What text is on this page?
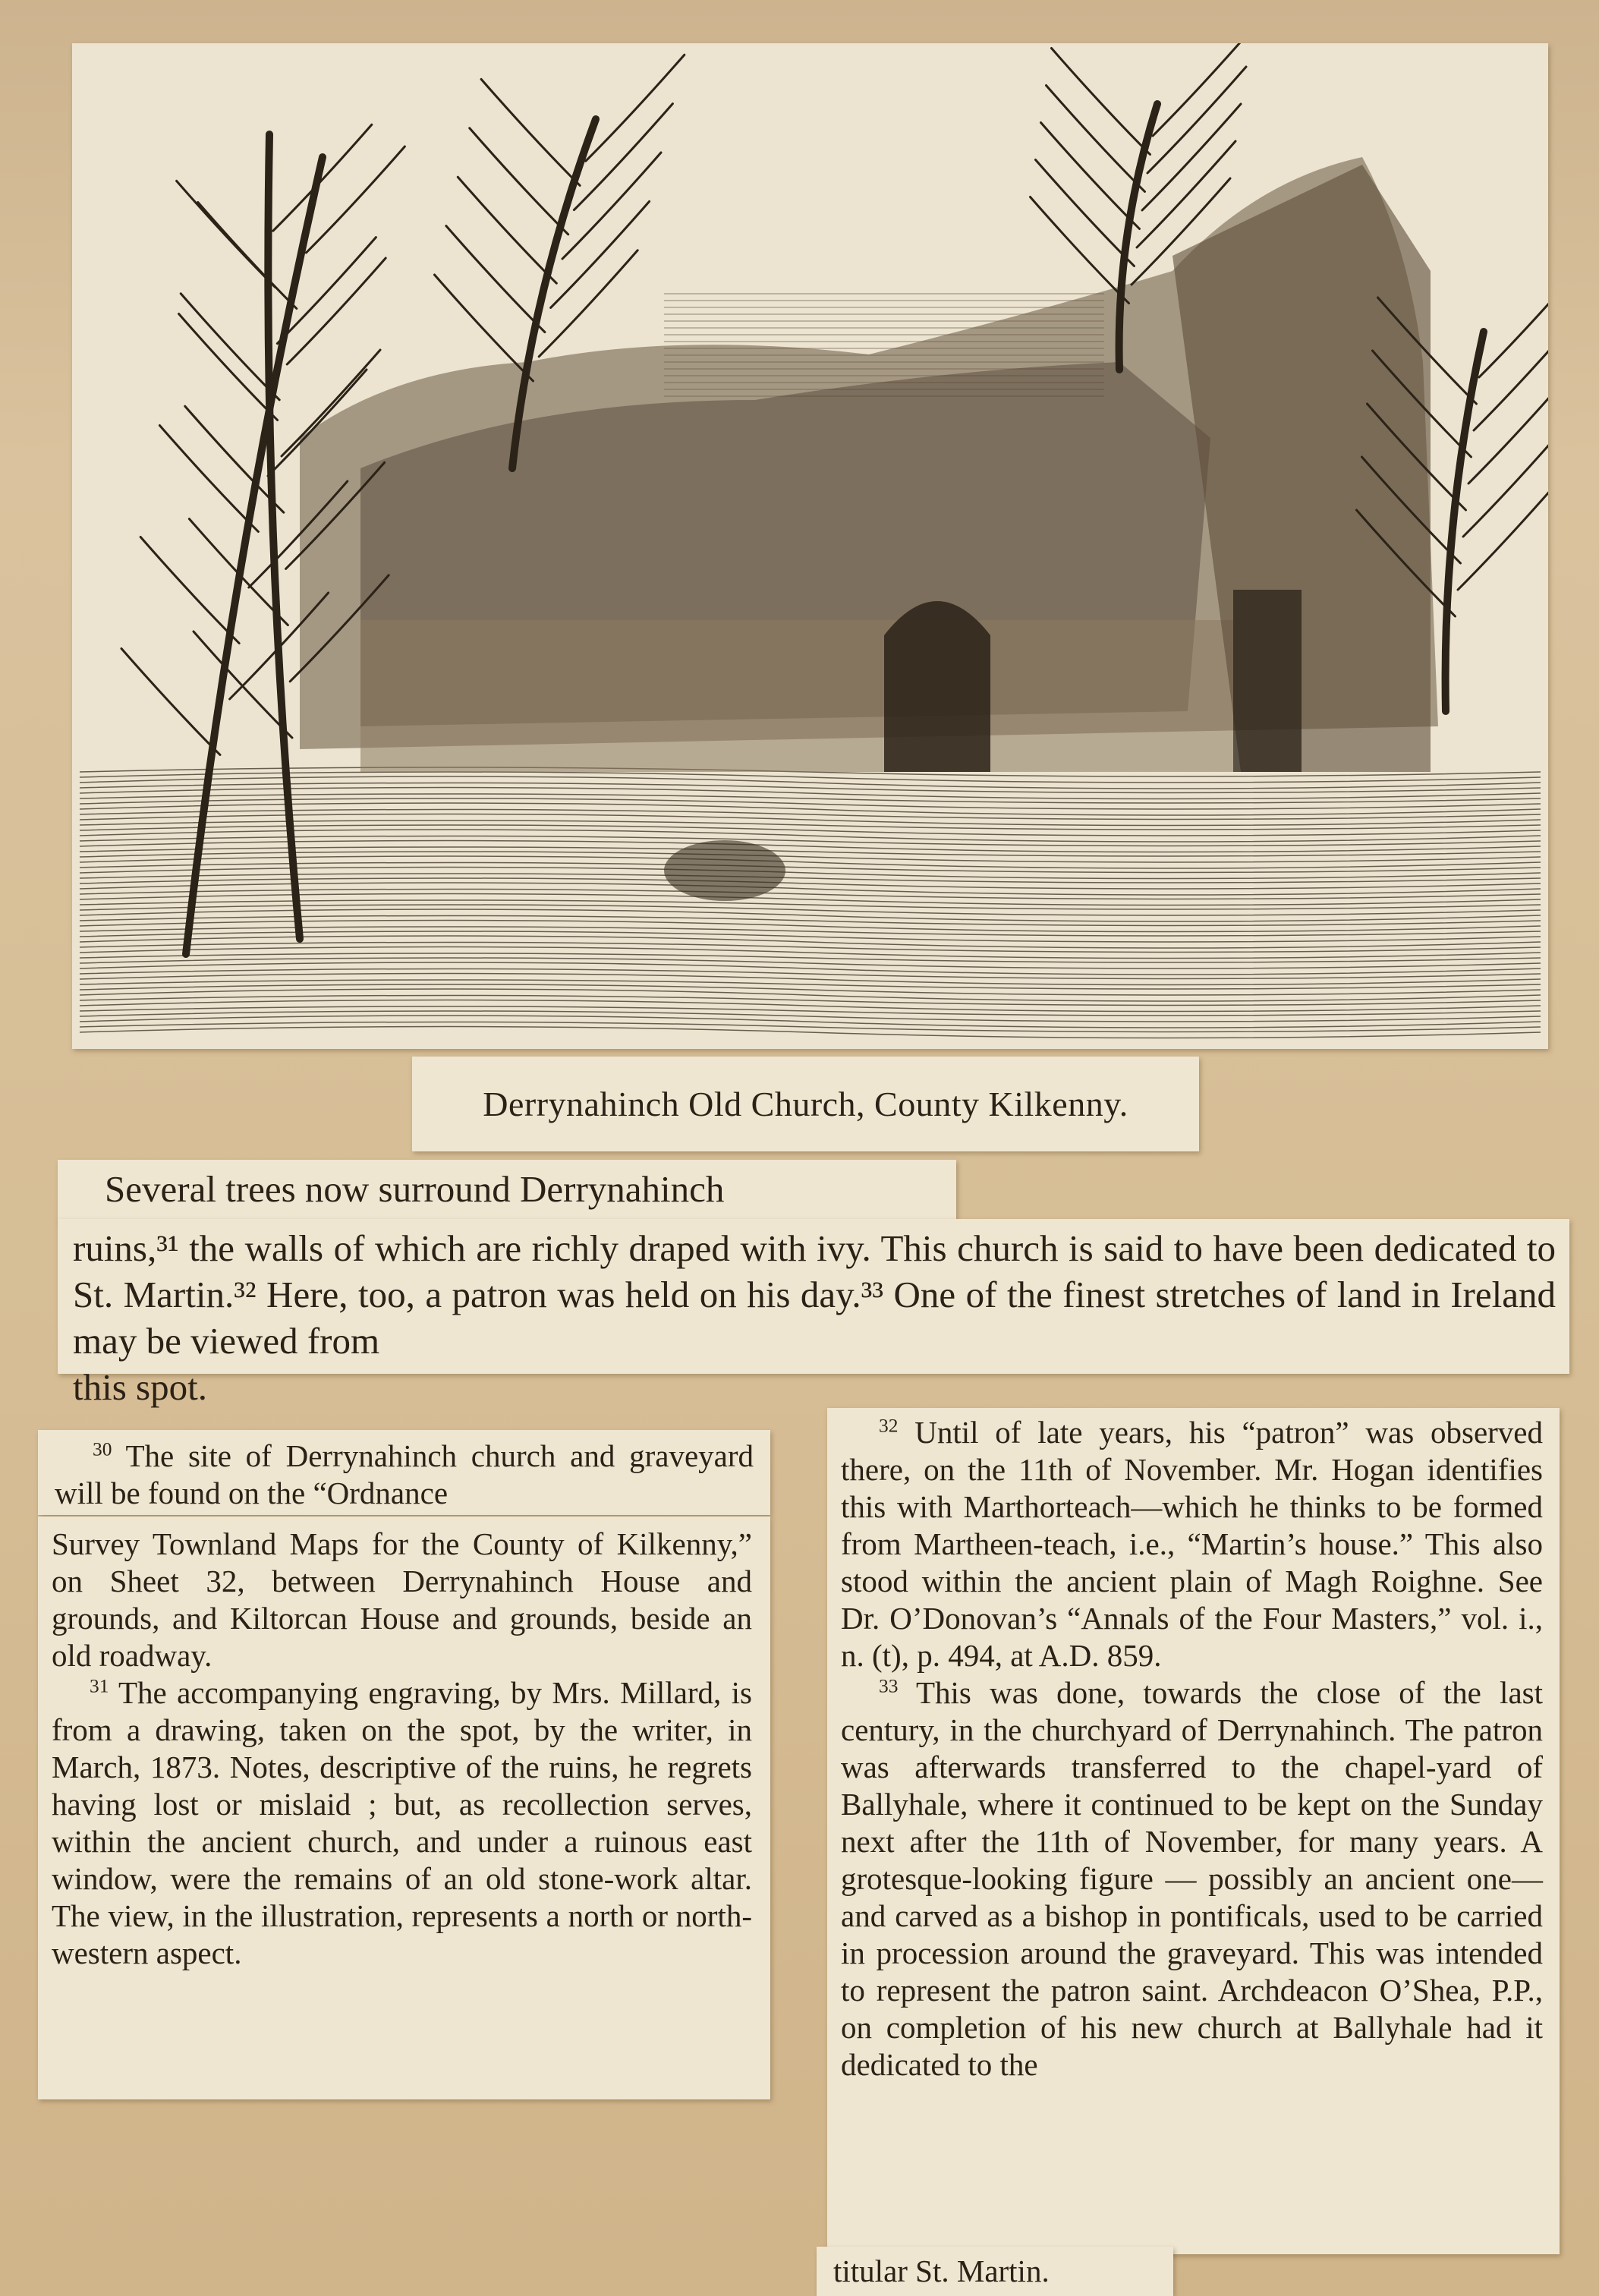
Derrynahinch Old Church, County Kilkenny.
Several trees now surround Derrynahinch

ruins,³¹ the walls of which are richly draped with ivy. This church is said to have been dedicated to St. Martin.³² Here, too, a patron was held on his day.³³ One of the finest stretches of land in Ireland may be viewed from
this spot.

$^{30}$ The site of Derrynahinch church and graveyard will be found on the “Ordnance

Survey Townland Maps for the County of Kilkenny,” on Sheet 32, between Derrynahinch House and grounds, and Kiltorcan House and grounds, beside an old roadway.

$^{31}$ The accompanying engraving, by Mrs. Millard, is from a drawing, taken on the spot, by the writer, in March, 1873. Notes, descriptive of the ruins, he regrets having lost or mislaid ; but, as recollection serves, within the ancient church, and under a ruinous east window, were the remains of an old stone-work altar. The view, in the illustration, represents a north or north-western aspect.

$^{32}$ Until of late years, his “patron” was observed there, on the 11th of November. Mr. Hogan identifies this with Marthorteach—which he thinks to be formed from Martheen-teach, i.e., “Martin’s house.” This also stood within the ancient plain of Magh Roighne. See Dr. O’Donovan’s “Annals of the Four Masters,” vol. i., n. (t), p. 494, at A.D. 859.

$^{33}$ This was done, towards the close of the last century, in the churchyard of Derrynahinch. The patron was afterwards transferred to the chapel-yard of Ballyhale, where it continued to be kept on the Sunday next after the 11th of November, for many years. A grotesque-looking figure — possibly an ancient one—and carved as a bishop in pontificals, used to be carried in procession around the graveyard. This was intended to represent the patron saint. Archdeacon O’Shea, P.P., on completion of his new church at Ballyhale had it dedicated to the

titular St. Martin.
